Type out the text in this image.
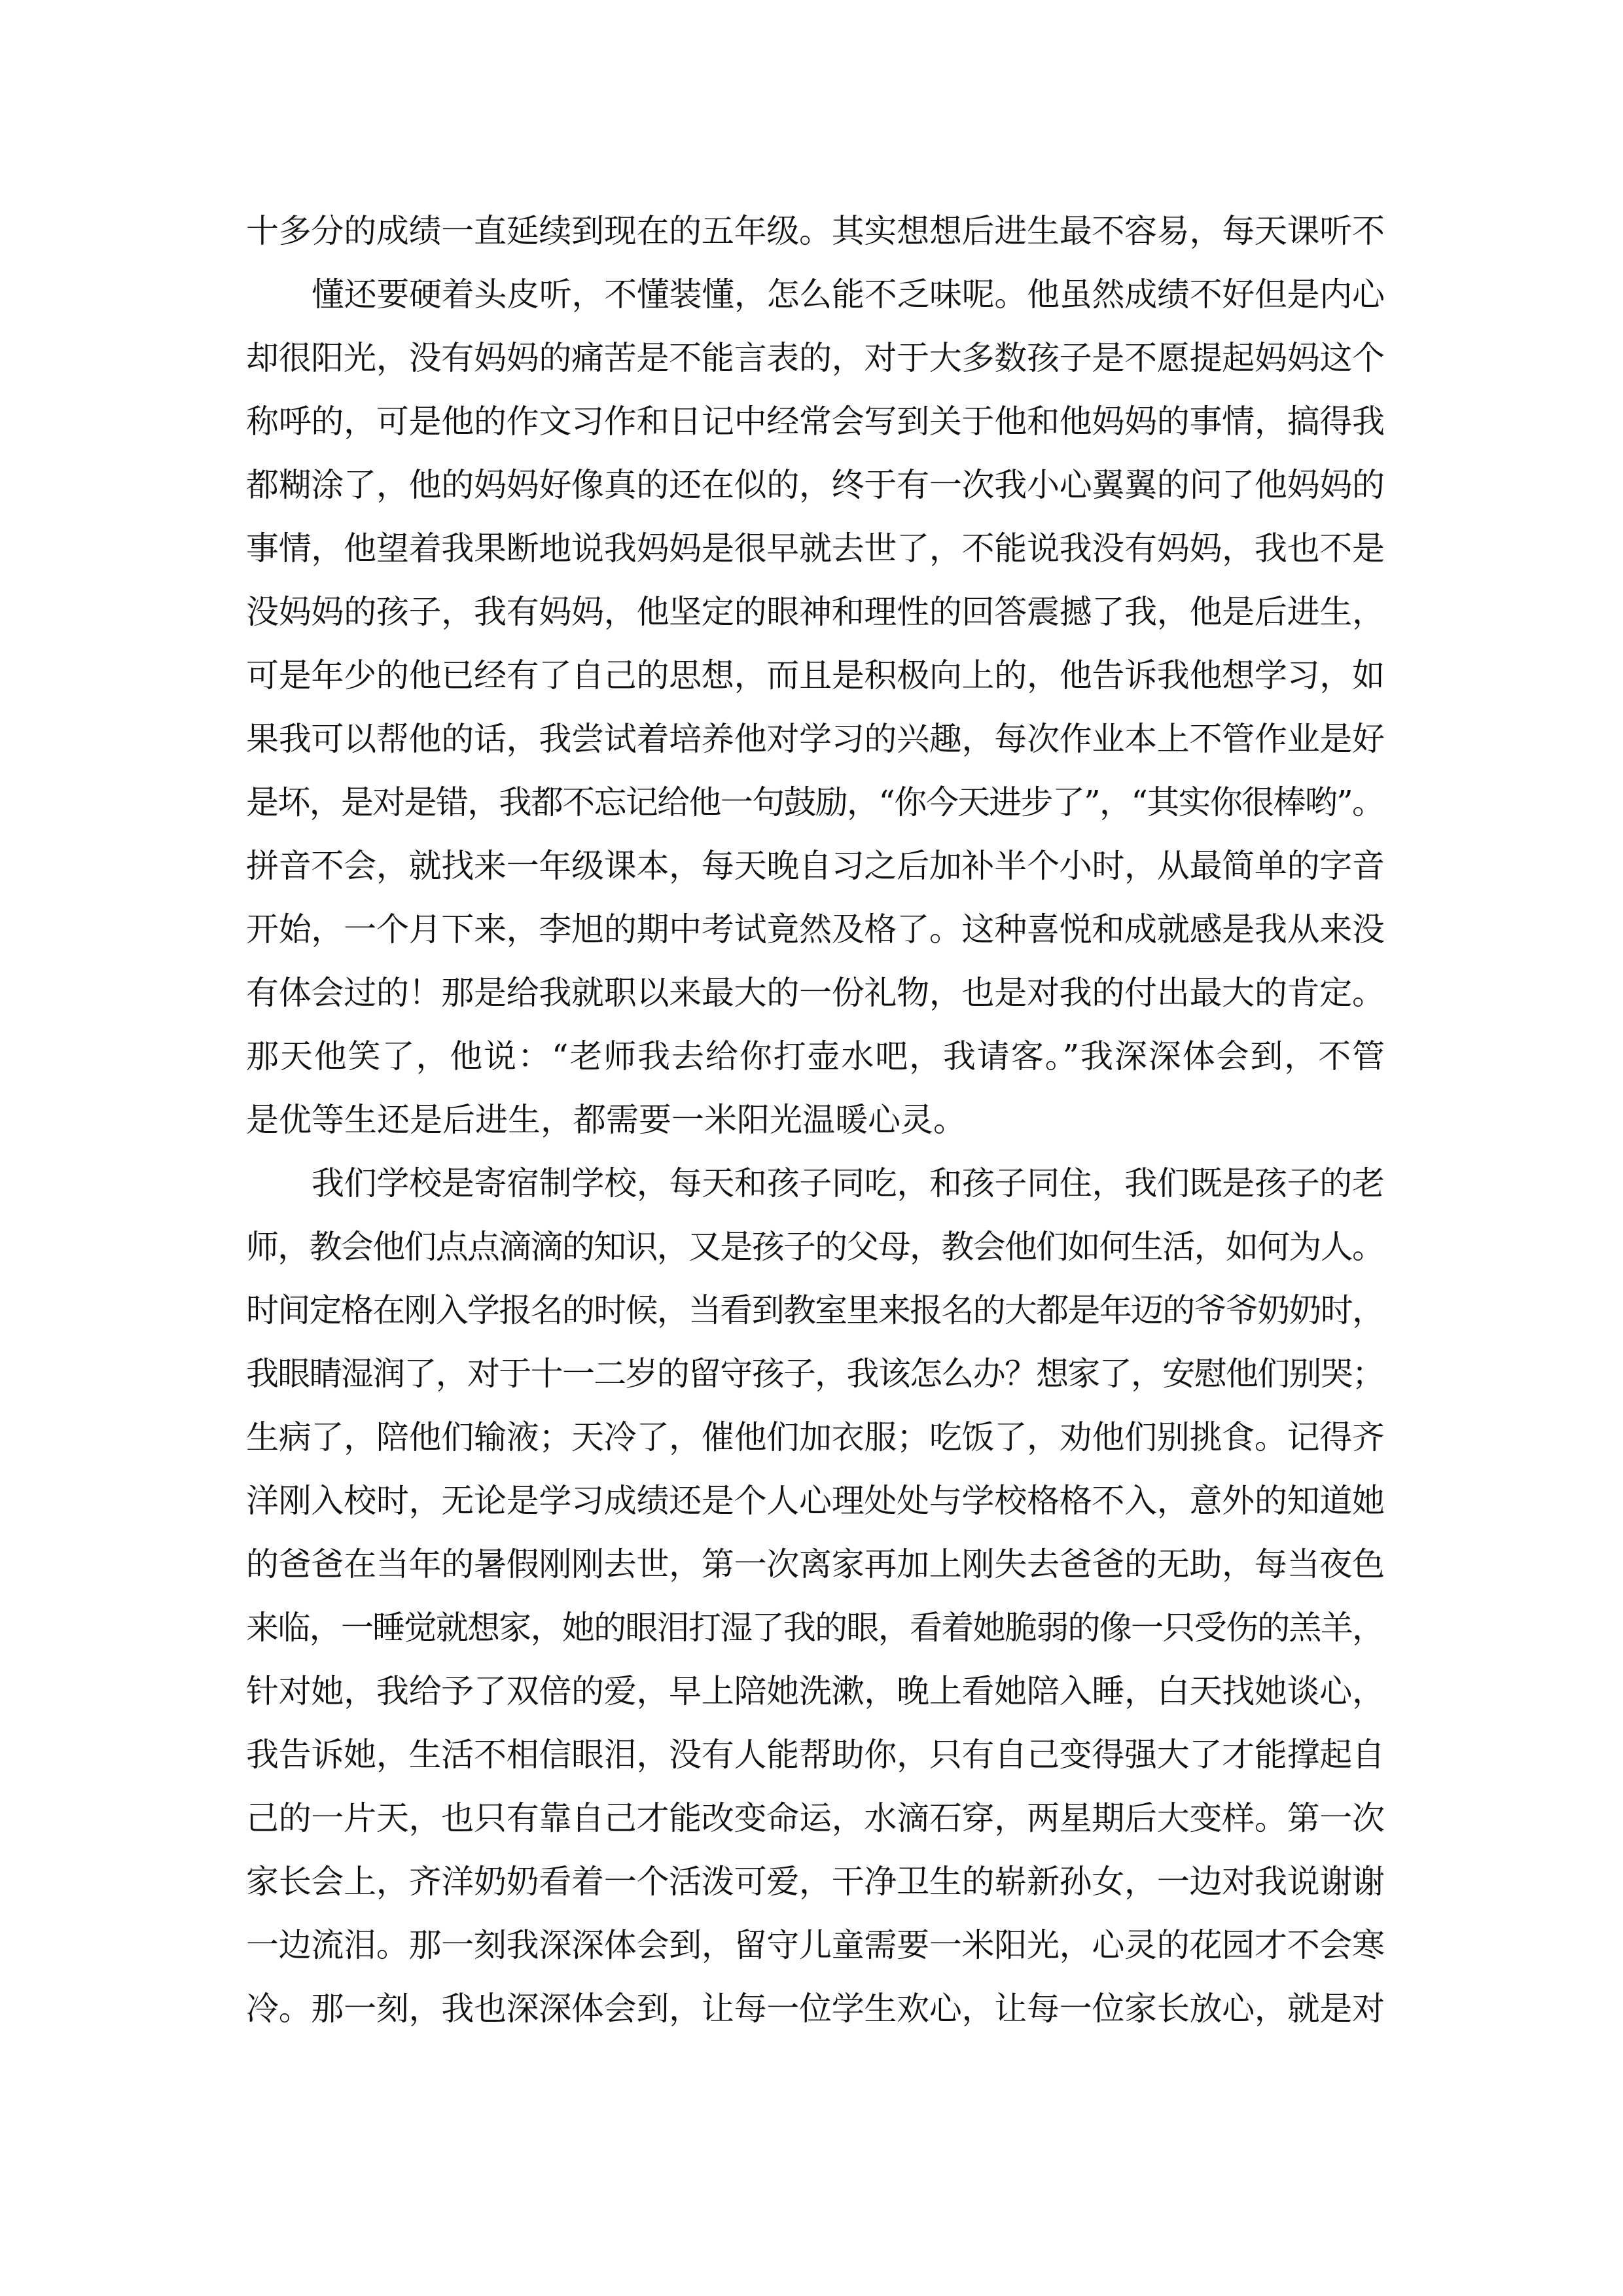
十多分的成绩一直延续到现在的五年级。其实想想后进生最不容易，每天课听不
懂还要硬着头皮听，不懂装懂，怎么能不乏味呢。他虽然成绩不好但是内心
却很阳光，没有妈妈的痛苦是不能言表的，对于大多数孩子是不愿提起妈妈这个
称呼的，可是他的作文习作和日记中经常会写到关于他和他妈妈的事情，搞得我
都糊涂了，他的妈妈好像真的还在似的，终于有一次我小心翼翼的问了他妈妈的
事情，他望着我果断地说我妈妈是很早就去世了，不能说我没有妈妈，我也不是
没妈妈的孩子，我有妈妈，他坚定的眼神和理性的回答震撼了我，他是后进生，
可是年少的他已经有了自己的思想，而且是积极向上的，他告诉我他想学习，如
果我可以帮他的话，我尝试着培养他对学习的兴趣，每次作业本上不管作业是好
是坏，是对是错，我都不忘记给他一句鼓励，“你今天进步了”，“其实你很棒哟”。
拼音不会，就找来一年级课本，每天晚自习之后加补半个小时，从最简单的字音
开始，一个月下来，李旭的期中考试竟然及格了。这种喜悦和成就感是我从来没
有体会过的！那是给我就职以来最大的一份礼物，也是对我的付出最大的肯定。
那天他笑了，他说：“老师我去给你打壶水吧，我请客。”我深深体会到，不管
是优等生还是后进生，都需要一米阳光温暖心灵。
我们学校是寄宿制学校，每天和孩子同吃，和孩子同住，我们既是孩子的老
师，教会他们点点滴滴的知识，又是孩子的父母，教会他们如何生活，如何为人。
时间定格在刚入学报名的时候，当看到教室里来报名的大都是年迈的爷爷奶奶时，
我眼睛湿润了，对于十一二岁的留守孩子，我该怎么办？想家了，安慰他们别哭；
生病了，陪他们输液；天冷了，催他们加衣服；吃饭了，劝他们别挑食。记得齐
洋刚入校时，无论是学习成绩还是个人心理处处与学校格格不入，意外的知道她
的爸爸在当年的暑假刚刚去世，第一次离家再加上刚失去爸爸的无助，每当夜色
来临，一睡觉就想家，她的眼泪打湿了我的眼，看着她脆弱的像一只受伤的羔羊，
针对她，我给予了双倍的爱，早上陪她洗漱，晚上看她陪入睡，白天找她谈心，
我告诉她，生活不相信眼泪，没有人能帮助你，只有自己变得强大了才能撑起自
己的一片天，也只有靠自己才能改变命运，水滴石穿，两星期后大变样。第一次
家长会上，齐洋奶奶看着一个活泼可爱，干净卫生的崭新孙女，一边对我说谢谢
一边流泪。那一刻我深深体会到，留守儿童需要一米阳光，心灵的花园才不会寒
冷。那一刻，我也深深体会到，让每一位学生欢心，让每一位家长放心，就是对
